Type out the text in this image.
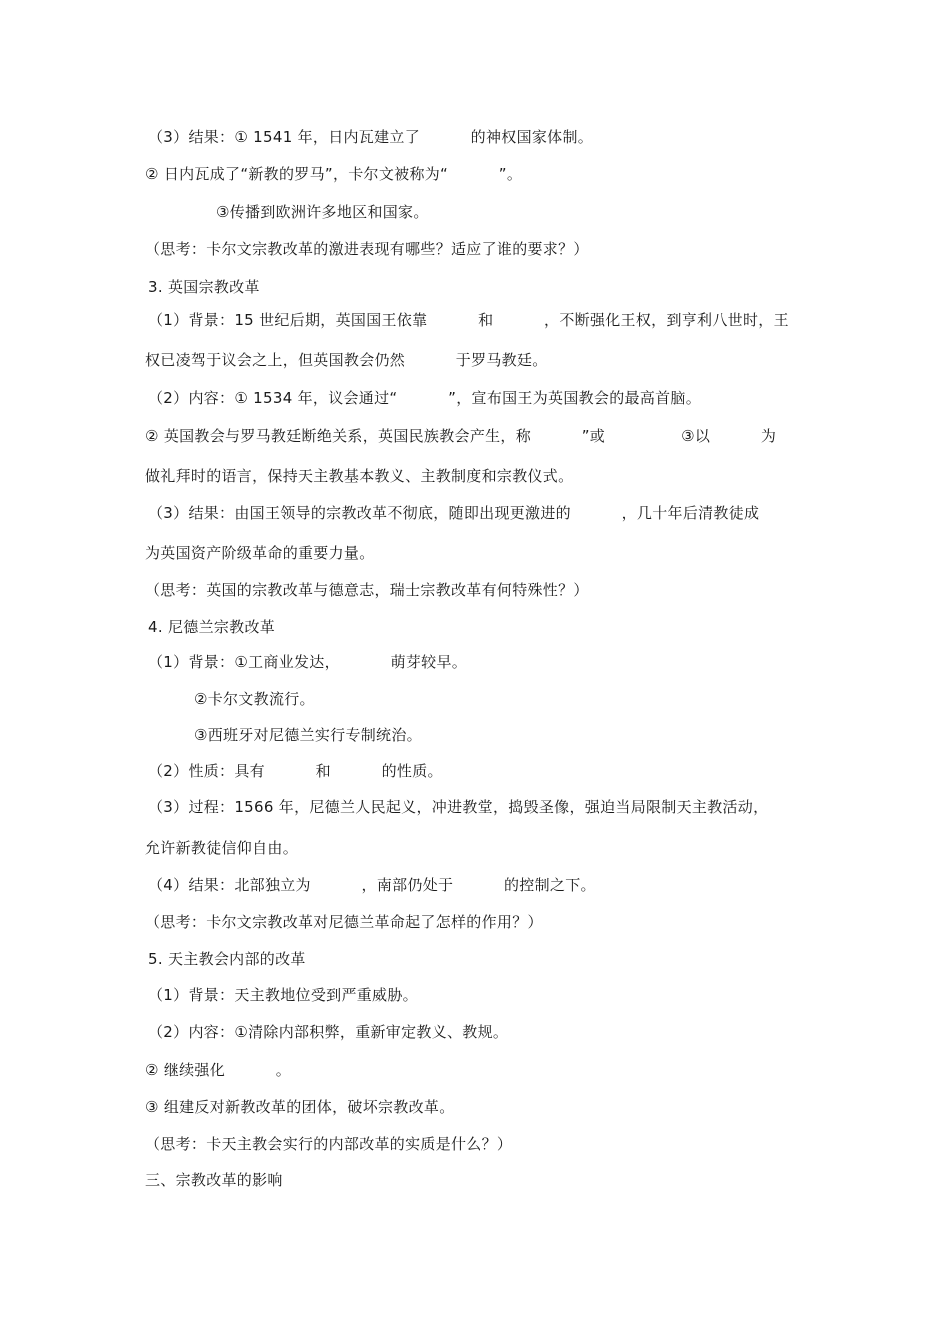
（3）结果：① 1541 年，日内瓦建立了          的神权国家体制。
② 日内瓦成了“新教的罗马”，卡尔文被称为“          ”。
③传播到欧洲许多地区和国家。
（思考：卡尔文宗教改革的激进表现有哪些？适应了谁的要求？）
3. 英国宗教改革
（1）背景：15 世纪后期，英国国王依靠          和          ，不断强化王权，到亨利八世时，王
权已凌驾于议会之上，但英国教会仍然          于罗马教廷。
（2）内容：① 1534 年，议会通过“          ”，宣布国王为英国教会的最高首脑。
② 英国教会与罗马教廷断绝关系，英国民族教会产生，称          ”或               ③以          为
做礼拜时的语言，保持天主教基本教义、主教制度和宗教仪式。
（3）结果：由国王领导的宗教改革不彻底，随即出现更激进的          ，几十年后清教徒成
为英国资产阶级革命的重要力量。
（思考：英国的宗教改革与德意志，瑞士宗教改革有何特殊性？）
4. 尼德兰宗教改革
（1）背景：①工商业发达，          萌芽较早。
②卡尔文教流行。
③西班牙对尼德兰实行专制统治。
（2）性质：具有          和          的性质。
（3）过程：1566 年，尼德兰人民起义，冲进教堂，捣毁圣像，强迫当局限制天主教活动，
允许新教徒信仰自由。
（4）结果：北部独立为          ，南部仍处于          的控制之下。
（思考：卡尔文宗教改革对尼德兰革命起了怎样的作用？）
5. 天主教会内部的改革
（1）背景：天主教地位受到严重威胁。
（2）内容：①清除内部积弊，重新审定教义、教规。
② 继续强化          。
③ 组建反对新教改革的团体，破坏宗教改革。
（思考：卡天主教会实行的内部改革的实质是什么？）
三、宗教改革的影响
